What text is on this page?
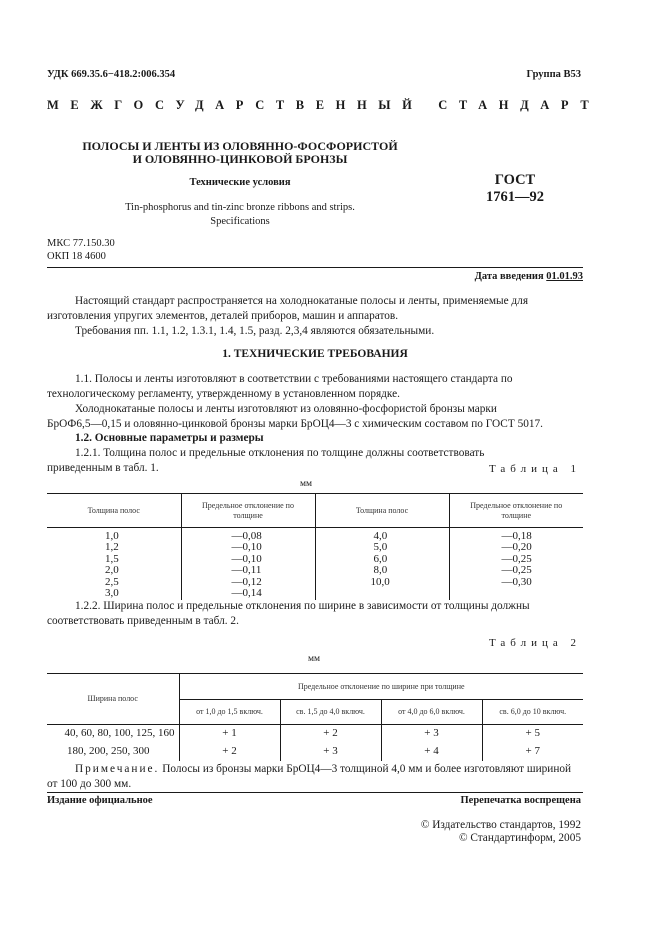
УДК 669.35.6−418.2:006.354	Группа В53
МЕЖГОСУДАРСТВЕННЫЙ СТАНДАРТ
ПОЛОСЫ И ЛЕНТЫ ИЗ ОЛОВЯННО-ФОСФОРИСТОЙ
И ОЛОВЯННО-ЦИНКОВОЙ БРОНЗЫ
Технические условия
Tin-phosphorus and tin-zinc bronze ribbons and strips.
Specifications
ГОСТ
1761—92
МКС 77.150.30
ОКП 18 4600
Дата введения 01.01.93

Настоящий стандарт распространяется на холоднокатаные полосы и ленты, применяемые для

изготовления упругих элементов, деталей приборов, машин и аппаратов.

Требования пп. 1.1, 1.2, 1.3.1, 1.4, 1.5, разд. 2,3,4 являются обязательными.

1. ТЕХНИЧЕСКИЕ ТРЕБОВАНИЯ

1.1. Полосы и ленты изготовляют в соответствии с требованиями настоящего стандарта по

технологическому регламенту, утвержденному в установленном порядке.

Холоднокатаные полосы и ленты изготовляют из оловянно-фосфористой бронзы марки

БрОФ6,5—0,15 и оловянно-цинковой бронзы марки БрОЦ4—3 с химическим составом по ГОСТ 5017.

1.2. Основные параметры и размеры

1.2.1. Толщина полос и предельные отклонения по толщине должны соответствовать

приведенным в табл. 1.	Таблица 1
мм
Толщина полос	Предельное отклонение по толщине	Толщина полос	Предельное отклонение по толщине
1,0	—0,08	4,0	—0,18
1,2	—0,10	5,0	—0,20
1,5	—0,10	6,0	—0,25
2,0	—0,11	8,0	—0,25
2,5	—0,12	10,0	—0,30
3,0	—0,14		

1.2.2. Ширина полос и предельные отклонения по ширине в зависимости от толщины должны

соответствовать приведенным в табл. 2.

Таблица 2
мм
Ширина полос	Предельное отклонение по ширине при толщине			
	от 1,0 до 1,5 включ.	св. 1,5 до 4,0 включ.	от 4,0 до 6,0 включ.	св. 6,0 до 10 включ.
40, 60, 80, 100, 125, 160	+ 1	+ 2	+ 3	+ 5
180, 200, 250, 300	+ 2	+ 3	+ 4	+ 7

Примечание. Полосы из бронзы марки БрОЦ4—3 толщиной 4,0 мм и более изготовляют шириной

от 100 до 300 мм.

Издание официальное	Перепечатка воспрещена
© Издательство стандартов, 1992
© Стандартинформ, 2005
